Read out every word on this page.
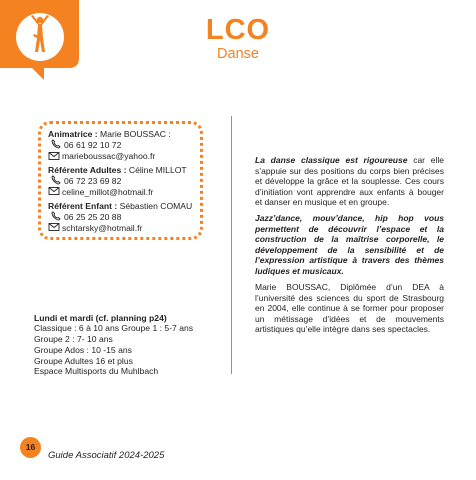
LCO
Danse
Animatrice : Marie BOUSSAC :
06 61 92 10 72
marieboussac@yahoo.fr
Référente Adultes : Céline MILLOT
06 72 23 69 82
celine_millot@hotmail.fr
Référent Enfant : Sébastien COMAU
06 25 25 20 88
schtarsky@hotmail.fr
Lundi et mardi (cf. planning p24)
Classique : 6 à 10 ans Groupe 1 : 5-7 ans
Groupe 2 : 7- 10 ans
Groupe Ados : 10 -15 ans
Groupe Adultes 16 et plus
Espace Multisports du Muhlbach
La danse classique est rigoureuse car elle s’appuie sur des positions du corps bien précises et développe la grâce et la souplesse. Ces cours d’initiation vont apprendre aux enfants à bouger et danser en musique et en groupe.
Jazz’dance, mouv’dance, hip hop vous permettent de découvrir l’espace et la construction de la maîtrise corporelle, le développement de la sensibilité et de l’expression artistique à travers des thèmes ludiques et musicaux.
Marie BOUSSAC, Diplômée d’un DEA à l’université des sciences du sport de Strasbourg en 2004, elle continue à se former pour proposer un métissage d’idées et de mouvements artistiques qu’elle intègre dans ses spectacles.
16
Guide Associatif 2024-2025
